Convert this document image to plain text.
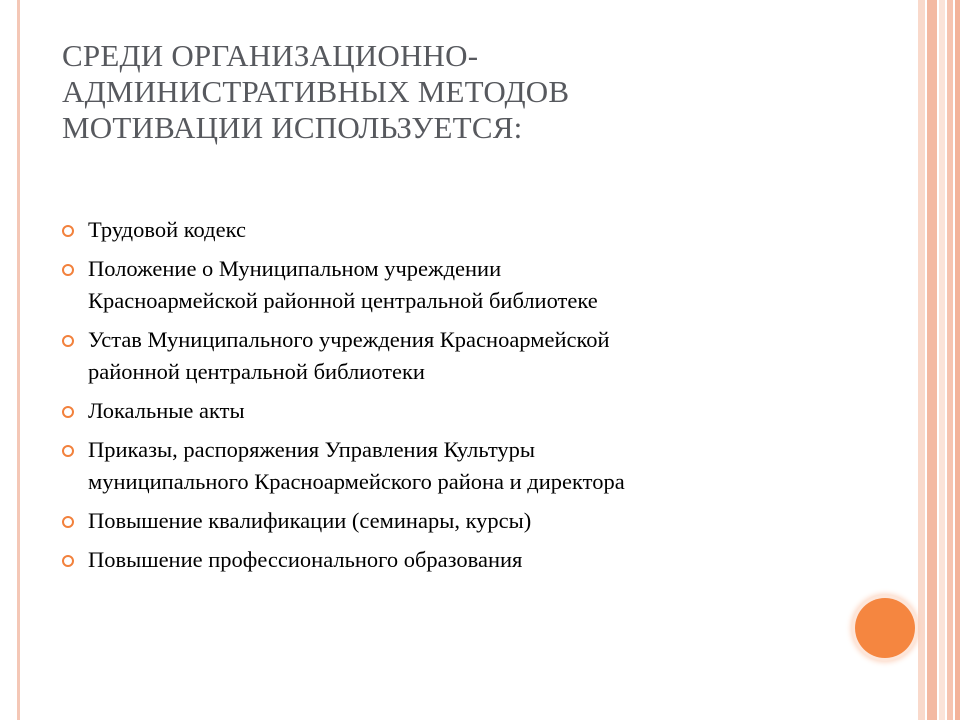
СРЕДИ ОРГАНИЗАЦИОННО-
АДМИНИСТРАТИВНЫХ МЕТОДОВ
МОТИВАЦИИ ИСПОЛЬЗУЕТСЯ:
Трудовой кодекс
Положение о Муниципальном учреждении
Красноармейской районной центральной библиотеке
Устав Муниципального учреждения Красноармейской
районной центральной библиотеки
Локальные акты
Приказы, распоряжения Управления Культуры
муниципального Красноармейского района и директора
Повышение квалификации (семинары, курсы)
Повышение профессионального образования
